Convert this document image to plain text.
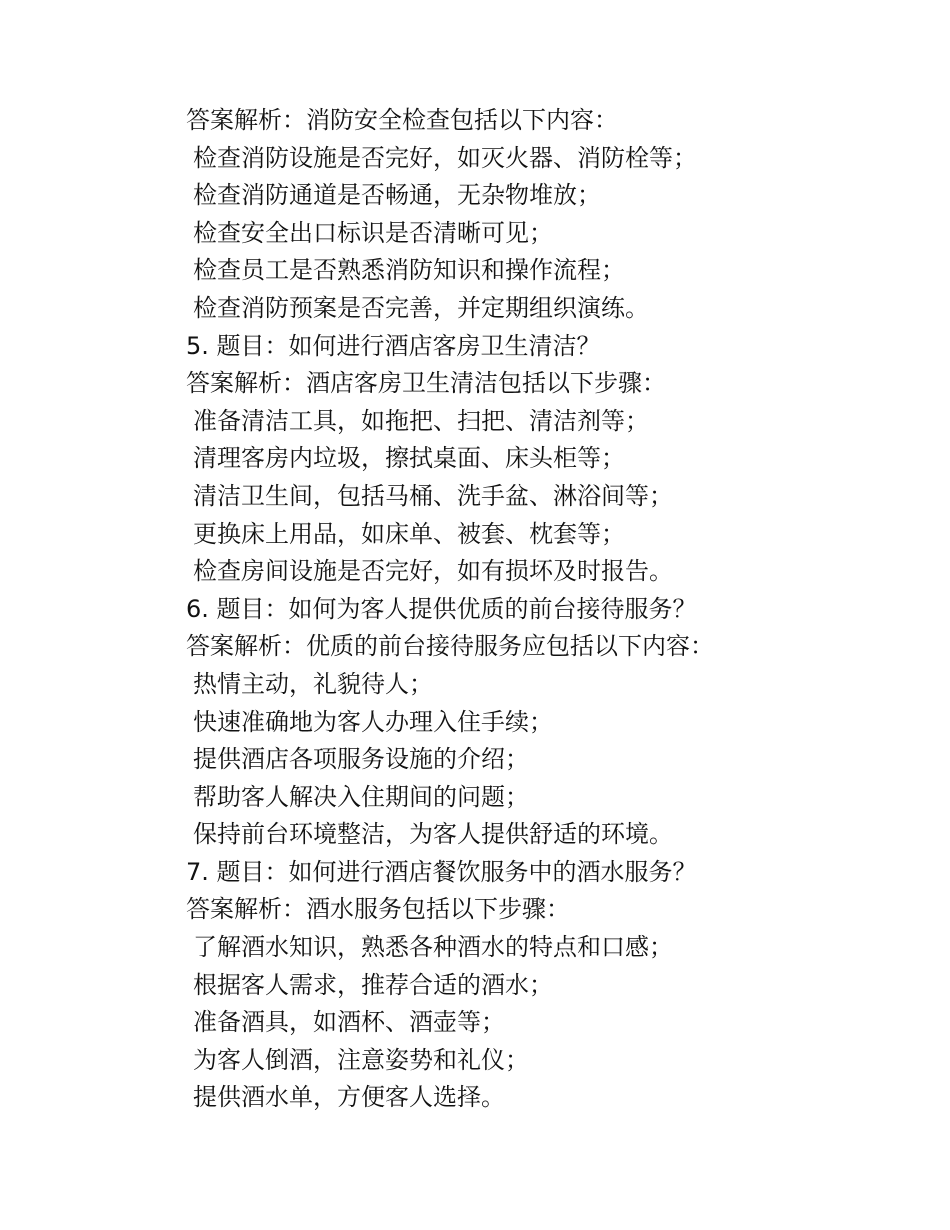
答案解析：消防安全检查包括以下内容：
检查消防设施是否完好，如灭火器、消防栓等；
检查消防通道是否畅通，无杂物堆放；
检查安全出口标识是否清晰可见；
检查员工是否熟悉消防知识和操作流程；
检查消防预案是否完善，并定期组织演练。
5. 题目：如何进行酒店客房卫生清洁？
答案解析：酒店客房卫生清洁包括以下步骤：
准备清洁工具，如拖把、扫把、清洁剂等；
清理客房内垃圾，擦拭桌面、床头柜等；
清洁卫生间，包括马桶、洗手盆、淋浴间等；
更换床上用品，如床单、被套、枕套等；
检查房间设施是否完好，如有损坏及时报告。
6. 题目：如何为客人提供优质的前台接待服务？
答案解析：优质的前台接待服务应包括以下内容：
热情主动，礼貌待人；
快速准确地为客人办理入住手续；
提供酒店各项服务设施的介绍；
帮助客人解决入住期间的问题；
保持前台环境整洁，为客人提供舒适的环境。
7. 题目：如何进行酒店餐饮服务中的酒水服务？
答案解析：酒水服务包括以下步骤：
了解酒水知识，熟悉各种酒水的特点和口感；
根据客人需求，推荐合适的酒水；
准备酒具，如酒杯、酒壶等；
为客人倒酒，注意姿势和礼仪；
提供酒水单，方便客人选择。
